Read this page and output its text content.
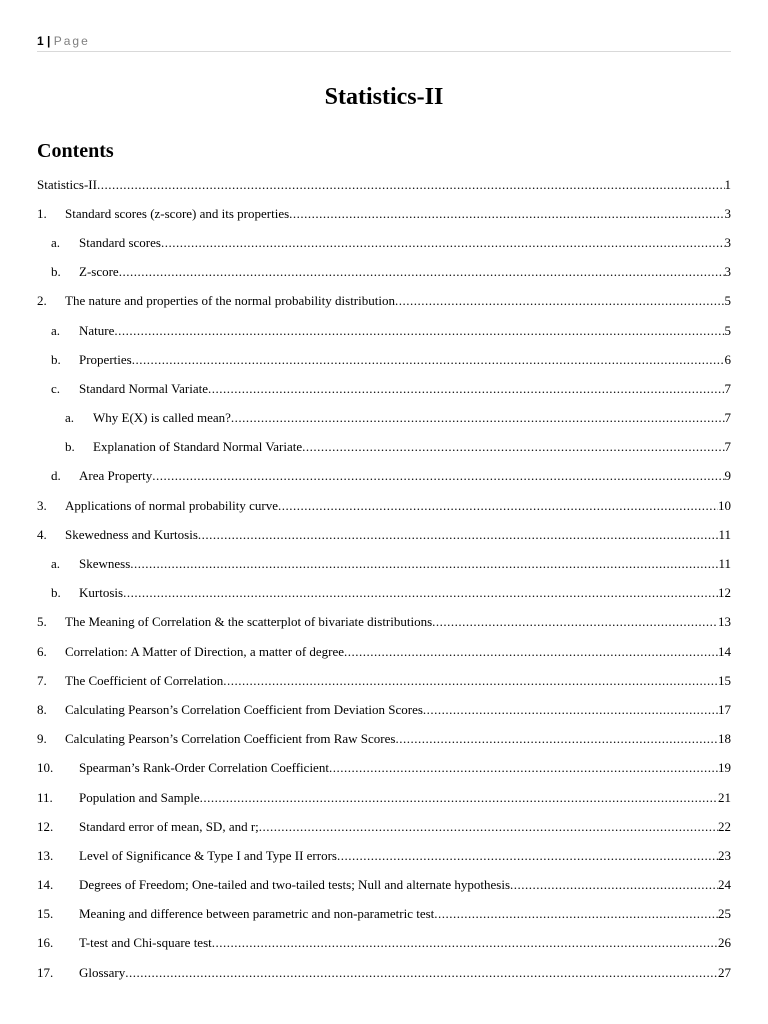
1 | Page
Statistics-II
Contents
Statistics-II .....	1
1.	Standard scores (z-score) and its properties .....	3
a.	Standard scores .....	3
b.	Z-score .....	3
2.	The nature and properties of the normal probability distribution .....	5
a.	Nature .....	5
b.	Properties .....	6
c.	Standard Normal Variate .....	7
a.	Why E(X) is called mean? .....	7
b.	Explanation of Standard Normal Variate .....	7
d.	Area Property .....	9
3.	Applications of normal probability curve .....	10
4.	Skewedness and Kurtosis .....	11
a.	Skewness .....	11
b.	Kurtosis .....	12
5.	The Meaning of Correlation & the scatterplot of bivariate distributions .....	13
6.	Correlation: A Matter of Direction, a matter of degree .....	14
7.	The Coefficient of Correlation .....	15
8.	Calculating Pearson’s Correlation Coefficient from Deviation Scores .....	17
9.	Calculating Pearson’s Correlation Coefficient from Raw Scores .....	18
10.	Spearman’s Rank-Order Correlation Coefficient .....	19
11.	Population and Sample .....	21
12.	Standard error of mean, SD, and r; .....	22
13.	Level of Significance & Type I and Type II errors .....	23
14.	Degrees of Freedom; One-tailed and two-tailed tests; Null and alternate hypothesis .....	24
15.	Meaning and difference between parametric and non-parametric test .....	25
16.	T-test and Chi-square test .....	26
17.	Glossary .....	27
